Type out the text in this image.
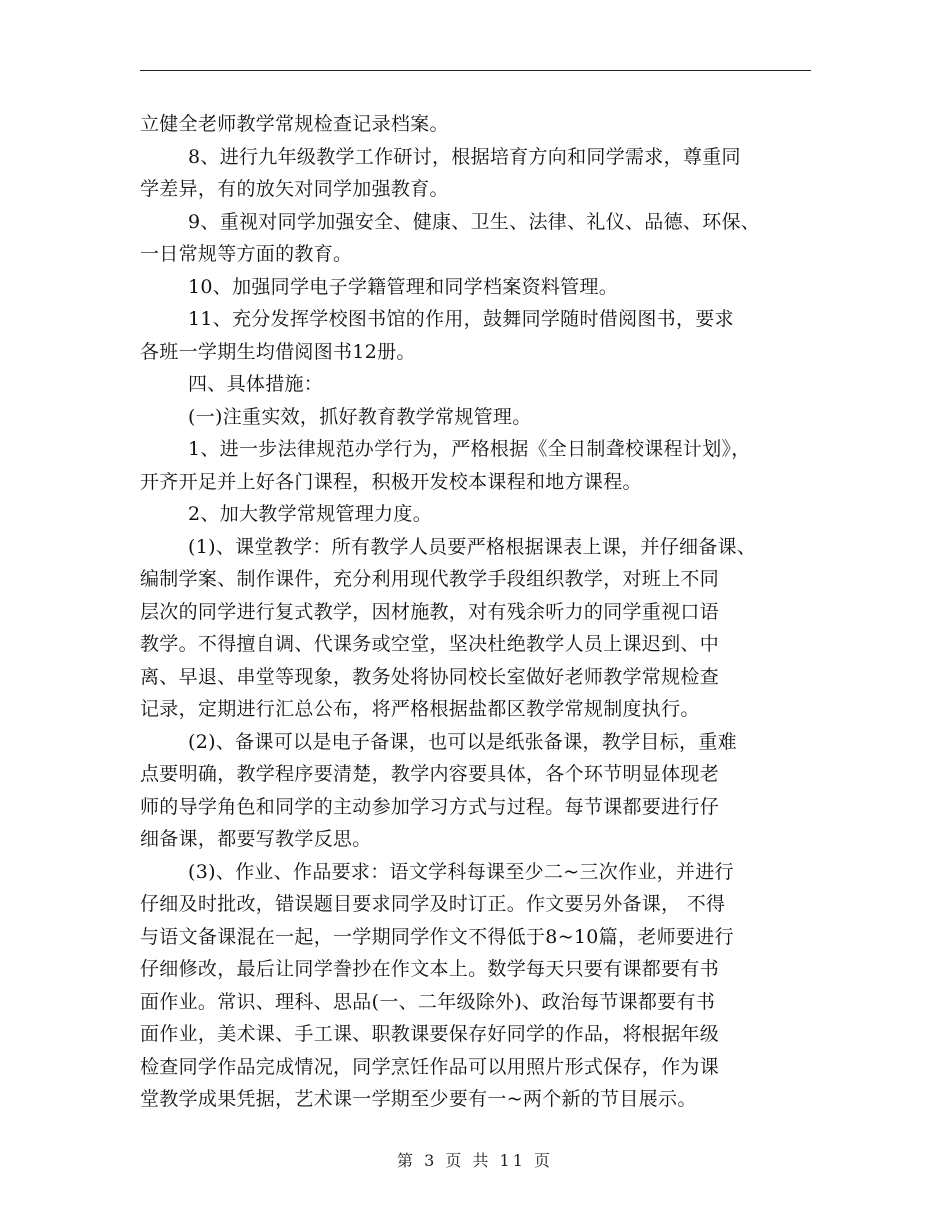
立健全老师教学常规检查记录档案。
8、进行九年级教学工作研讨，根据培育方向和同学需求，尊重同
学差异，有的放矢对同学加强教育。
9、重视对同学加强安全、健康、卫生、法律、礼仪、品德、环保、
一日常规等方面的教育。
10、加强同学电子学籍管理和同学档案资料管理。
11、充分发挥学校图书馆的作用，鼓舞同学随时借阅图书，要求
各班一学期生均借阅图书12册。
四、具体措施：
(一)注重实效，抓好教育教学常规管理。
1、进一步法律规范办学行为，严格根据《全日制聋校课程计划》，
开齐开足并上好各门课程，积极开发校本课程和地方课程。
2、加大教学常规管理力度。
(1)、课堂教学：所有教学人员要严格根据课表上课，并仔细备课、
编制学案、制作课件，充分利用现代教学手段组织教学，对班上不同
层次的同学进行复式教学，因材施教，对有残余听力的同学重视口语
教学。不得擅自调、代课务或空堂，坚决杜绝教学人员上课迟到、中
离、早退、串堂等现象，教务处将协同校长室做好老师教学常规检查
记录，定期进行汇总公布，将严格根据盐都区教学常规制度执行。
(2)、备课可以是电子备课，也可以是纸张备课，教学目标，重难
点要明确，教学程序要清楚，教学内容要具体，各个环节明显体现老
师的导学角色和同学的主动参加学习方式与过程。每节课都要进行仔
细备课，都要写教学反思。
(3)、作业、作品要求：语文学科每课至少二~三次作业，并进行
仔细及时批改，错误题目要求同学及时订正。作文要另外备课， 不得
与语文备课混在一起，一学期同学作文不得低于8~10篇，老师要进行
仔细修改，最后让同学誊抄在作文本上。数学每天只要有课都要有书
面作业。常识、理科、思品(一、二年级除外)、政治每节课都要有书
面作业，美术课、手工课、职教课要保存好同学的作品，将根据年级
检查同学作品完成情况，同学烹饪作品可以用照片形式保存，作为课
堂教学成果凭据，艺术课一学期至少要有一~两个新的节目展示。
第 3 页 共 11 页
